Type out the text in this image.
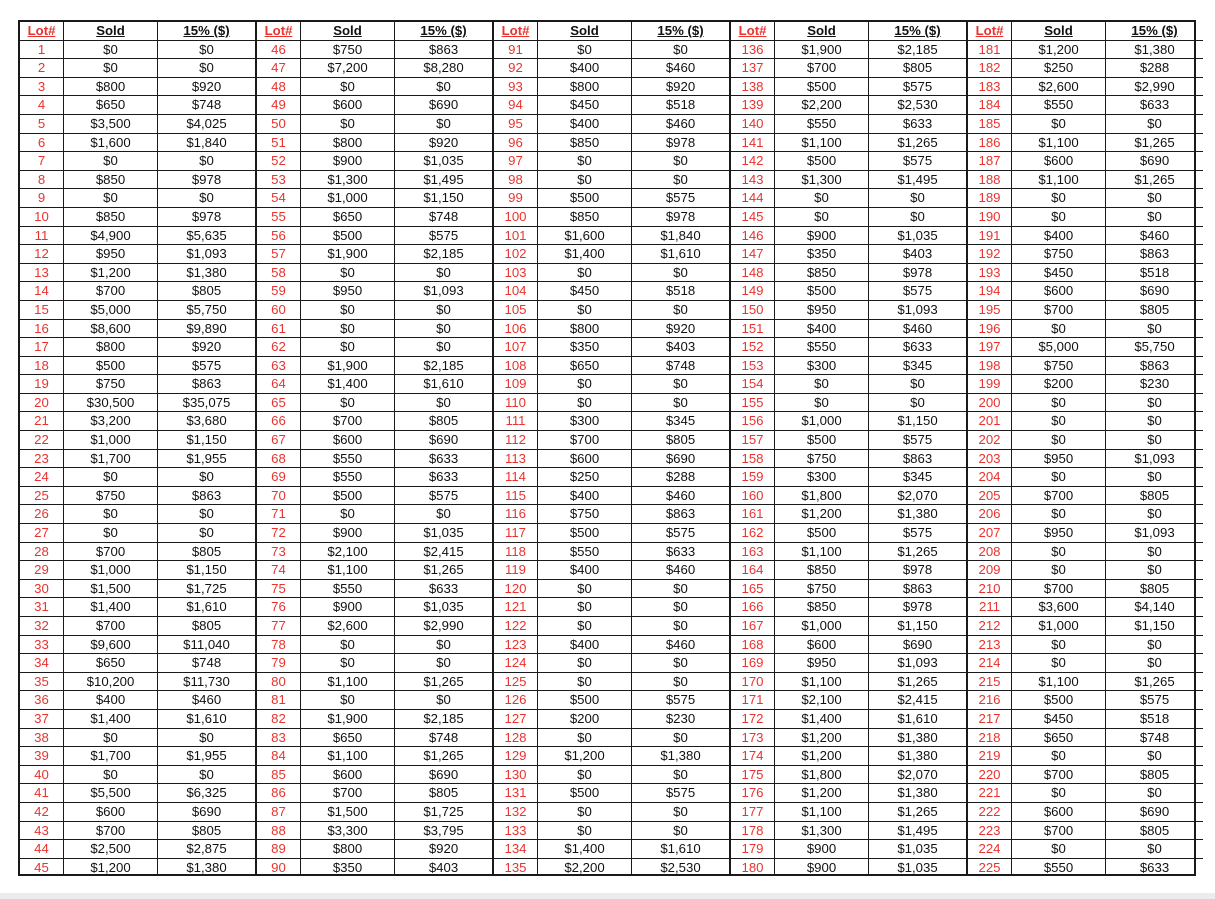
Lot#	Sold	15% ($)
1	$0	$0
2	$0	$0
3	$800	$920
4	$650	$748
5	$3,500	$4,025
6	$1,600	$1,840
7	$0	$0
8	$850	$978
9	$0	$0
10	$850	$978
11	$4,900	$5,635
12	$950	$1,093
13	$1,200	$1,380
14	$700	$805
15	$5,000	$5,750
16	$8,600	$9,890
17	$800	$920
18	$500	$575
19	$750	$863
20	$30,500	$35,075
21	$3,200	$3,680
22	$1,000	$1,150
23	$1,700	$1,955
24	$0	$0
25	$750	$863
26	$0	$0
27	$0	$0
28	$700	$805
29	$1,000	$1,150
30	$1,500	$1,725
31	$1,400	$1,610
32	$700	$805
33	$9,600	$11,040
34	$650	$748
35	$10,200	$11,730
36	$400	$460
37	$1,400	$1,610
38	$0	$0
39	$1,700	$1,955
40	$0	$0
41	$5,500	$6,325
42	$600	$690
43	$700	$805
44	$2,500	$2,875
45	$1,200	$1,380
Lot#	Sold	15% ($)
46	$750	$863
47	$7,200	$8,280
48	$0	$0
49	$600	$690
50	$0	$0
51	$800	$920
52	$900	$1,035
53	$1,300	$1,495
54	$1,000	$1,150
55	$650	$748
56	$500	$575
57	$1,900	$2,185
58	$0	$0
59	$950	$1,093
60	$0	$0
61	$0	$0
62	$0	$0
63	$1,900	$2,185
64	$1,400	$1,610
65	$0	$0
66	$700	$805
67	$600	$690
68	$550	$633
69	$550	$633
70	$500	$575
71	$0	$0
72	$900	$1,035
73	$2,100	$2,415
74	$1,100	$1,265
75	$550	$633
76	$900	$1,035
77	$2,600	$2,990
78	$0	$0
79	$0	$0
80	$1,100	$1,265
81	$0	$0
82	$1,900	$2,185
83	$650	$748
84	$1,100	$1,265
85	$600	$690
86	$700	$805
87	$1,500	$1,725
88	$3,300	$3,795
89	$800	$920
90	$350	$403
Lot#	Sold	15% ($)
91	$0	$0
92	$400	$460
93	$800	$920
94	$450	$518
95	$400	$460
96	$850	$978
97	$0	$0
98	$0	$0
99	$500	$575
100	$850	$978
101	$1,600	$1,840
102	$1,400	$1,610
103	$0	$0
104	$450	$518
105	$0	$0
106	$800	$920
107	$350	$403
108	$650	$748
109	$0	$0
110	$0	$0
111	$300	$345
112	$700	$805
113	$600	$690
114	$250	$288
115	$400	$460
116	$750	$863
117	$500	$575
118	$550	$633
119	$400	$460
120	$0	$0
121	$0	$0
122	$0	$0
123	$400	$460
124	$0	$0
125	$0	$0
126	$500	$575
127	$200	$230
128	$0	$0
129	$1,200	$1,380
130	$0	$0
131	$500	$575
132	$0	$0
133	$0	$0
134	$1,400	$1,610
135	$2,200	$2,530
Lot#	Sold	15% ($)
136	$1,900	$2,185
137	$700	$805
138	$500	$575
139	$2,200	$2,530
140	$550	$633
141	$1,100	$1,265
142	$500	$575
143	$1,300	$1,495
144	$0	$0
145	$0	$0
146	$900	$1,035
147	$350	$403
148	$850	$978
149	$500	$575
150	$950	$1,093
151	$400	$460
152	$550	$633
153	$300	$345
154	$0	$0
155	$0	$0
156	$1,000	$1,150
157	$500	$575
158	$750	$863
159	$300	$345
160	$1,800	$2,070
161	$1,200	$1,380
162	$500	$575
163	$1,100	$1,265
164	$850	$978
165	$750	$863
166	$850	$978
167	$1,000	$1,150
168	$600	$690
169	$950	$1,093
170	$1,100	$1,265
171	$2,100	$2,415
172	$1,400	$1,610
173	$1,200	$1,380
174	$1,200	$1,380
175	$1,800	$2,070
176	$1,200	$1,380
177	$1,100	$1,265
178	$1,300	$1,495
179	$900	$1,035
180	$900	$1,035
Lot#	Sold	15% ($)
181	$1,200	$1,380
182	$250	$288
183	$2,600	$2,990
184	$550	$633
185	$0	$0
186	$1,100	$1,265
187	$600	$690
188	$1,100	$1,265
189	$0	$0
190	$0	$0
191	$400	$460
192	$750	$863
193	$450	$518
194	$600	$690
195	$700	$805
196	$0	$0
197	$5,000	$5,750
198	$750	$863
199	$200	$230
200	$0	$0
201	$0	$0
202	$0	$0
203	$950	$1,093
204	$0	$0
205	$700	$805
206	$0	$0
207	$950	$1,093
208	$0	$0
209	$0	$0
210	$700	$805
211	$3,600	$4,140
212	$1,000	$1,150
213	$0	$0
214	$0	$0
215	$1,100	$1,265
216	$500	$575
217	$450	$518
218	$650	$748
219	$0	$0
220	$700	$805
221	$0	$0
222	$600	$690
223	$700	$805
224	$0	$0
225	$550	$633
